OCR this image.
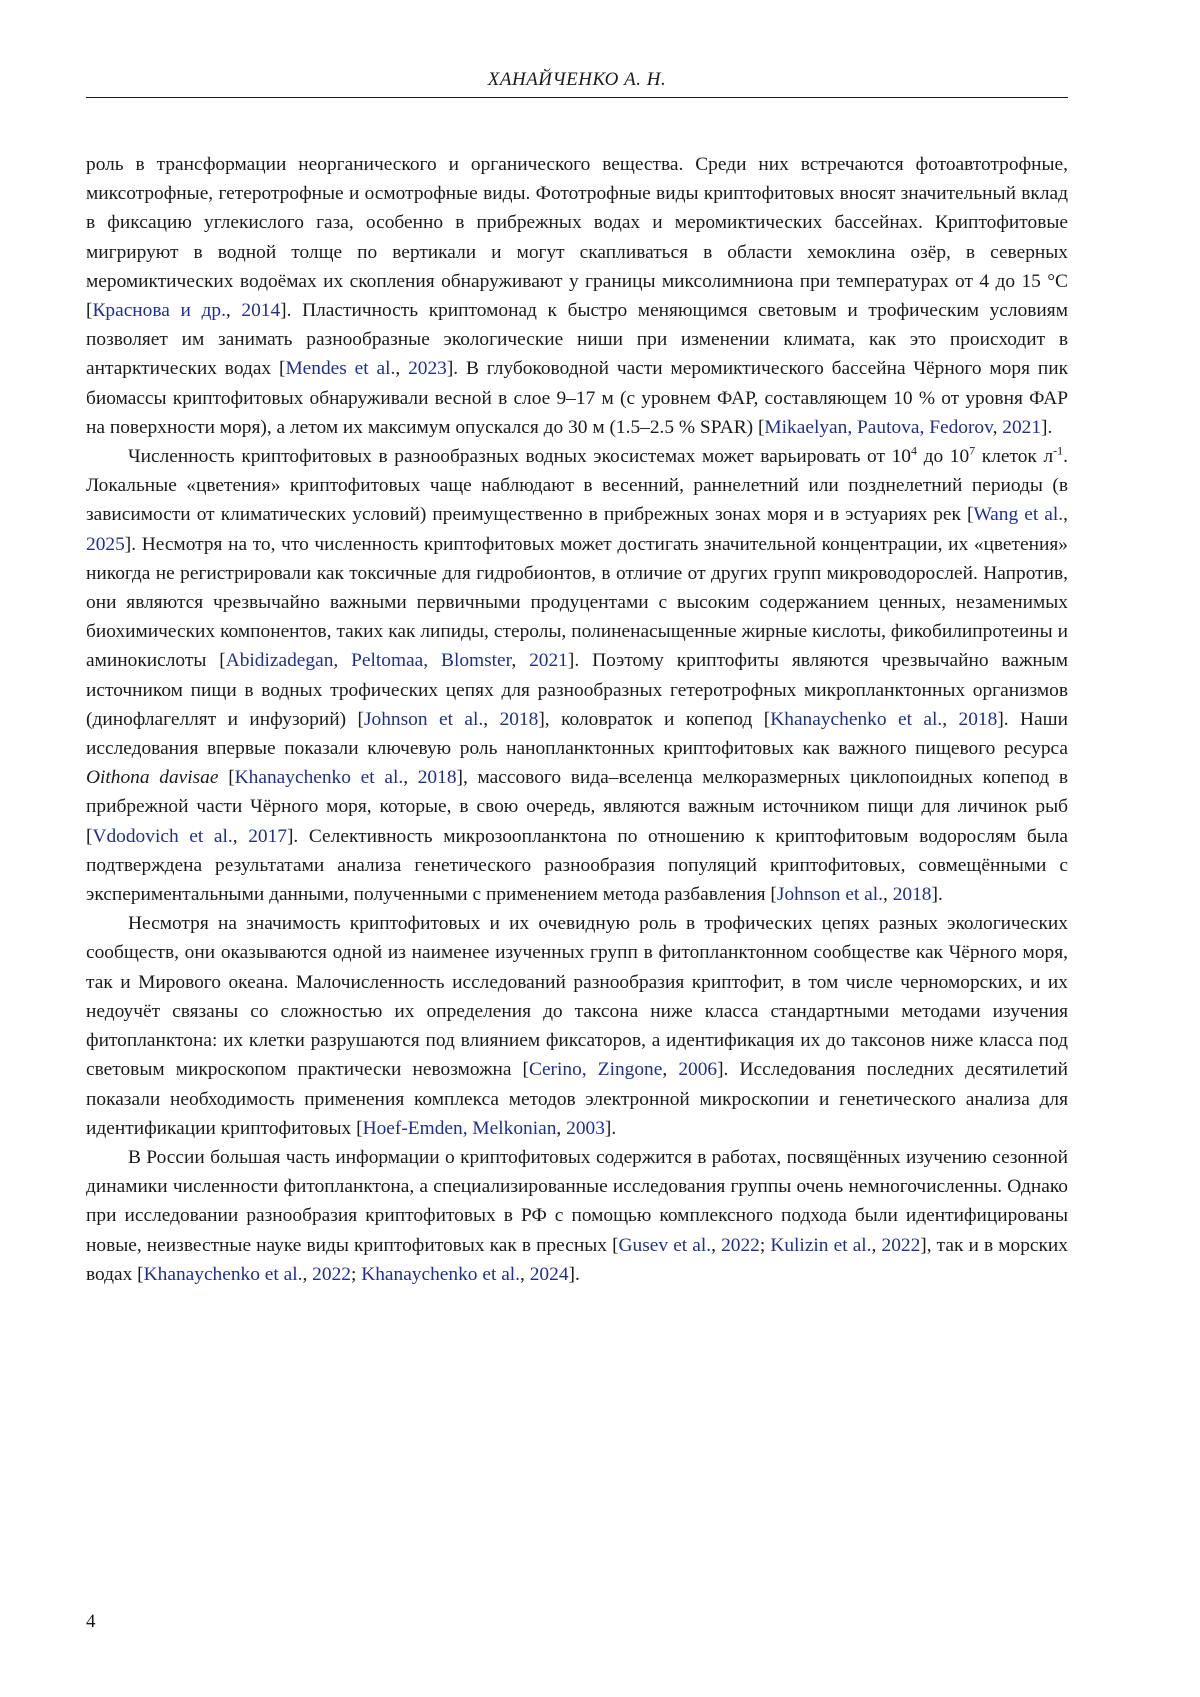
ХАНАЙЧЕНКО А. Н.

роль в трансформации неорганического и органического вещества. Среди них встречаются фотоавтотрофные, миксотрофные, гетеротрофные и осмотрофные виды. Фототрофные виды криптофитовых вносят значительный вклад в фиксацию углекислого газа, особенно в прибрежных водах и меромиктических бассейнах. Криптофитовые мигрируют в водной толще по вертикали и могут скапливаться в области хемоклина озёр, в северных меромиктических водоёмах их скопления обнаруживают у границы миксолимниона при температурах от 4 до 15 °C [Краснова и др., 2014]. Пластичность криптомонад к быстро меняющимся световым и трофическим условиям позволяет им занимать разнообразные экологические ниши при изменении климата, как это происходит в антарктических водах [Mendes et al., 2023]. В глубоководной части меромиктического бассейна Чёрного моря пик биомассы криптофитовых обнаруживали весной в слое 9–17 м (с уровнем ФАР, составляющем 10 % от уровня ФАР на поверхности моря), а летом их максимум опускался до 30 м (1.5–2.5 % SPAR) [Mikaelyan, Pautova, Fedorov, 2021].

Численность криптофитовых в разнообразных водных экосистемах может варьировать от $10^4$ до $10^7$ клеток $л^{-1}$. Локальные «цветения» криптофитовых чаще наблюдают в весенний, раннелетний или позднелетний периоды (в зависимости от климатических условий) преимущественно в прибрежных зонах моря и в эстуариях рек [Wang et al., 2025]. Несмотря на то, что численность криптофитовых может достигать значительной концентрации, их «цветения» никогда не регистрировали как токсичные для гидробионтов, в отличие от других групп микроводорослей. Напротив, они являются чрезвычайно важными первичными продуцентами с высоким содержанием ценных, незаменимых биохимических компонентов, таких как липиды, стеролы, полиненасыщенные жирные кислоты, фикобилипротеины и аминокислоты [Abidizadegan, Peltomaa, Blomster, 2021]. Поэтому криптофиты являются чрезвычайно важным источником пищи в водных трофических цепях для разнообразных гетеротрофных микропланктонных организмов (динофлагеллят и инфузорий) [Johnson et al., 2018], коловраток и копепод [Khanaychenko et al., 2018]. Наши исследования впервые показали ключевую роль нанопланктонных криптофитовых как важного пищевого ресурса Oithona davisae [Khanaychenko et al., 2018], массового вида–вселенца мелкоразмерных циклопоидных копепод в прибрежной части Чёрного моря, которые, в свою очередь, являются важным источником пищи для личинок рыб [Vdodovich et al., 2017]. Селективность микрозоопланктона по отношению к криптофитовым водорослям была подтверждена результатами анализа генетического разнообразия популяций криптофитовых, совмещёнными с экспериментальными данными, полученными с применением метода разбавления [Johnson et al., 2018].

Несмотря на значимость криптофитовых и их очевидную роль в трофических цепях разных экологических сообществ, они оказываются одной из наименее изученных групп в фитопланктонном сообществе как Чёрного моря, так и Мирового океана. Малочисленность исследований разнообразия криптофит, в том числе черноморских, и их недоучёт связаны со сложностью их определения до таксона ниже класса стандартными методами изучения фитопланктона: их клетки разрушаются под влиянием фиксаторов, а идентификация их до таксонов ниже класса под световым микроскопом практически невозможна [Cerino, Zingone, 2006]. Исследования последних десятилетий показали необходимость применения комплекса методов электронной микроскопии и генетического анализа для идентификации криптофитовых [Hoef-Emden, Melkonian, 2003].

В России большая часть информации о криптофитовых содержится в работах, посвящённых изучению сезонной динамики численности фитопланктона, а специализированные исследования группы очень немногочисленны. Однако при исследовании разнообразия криптофитовых в РФ с помощью комплексного подхода были идентифицированы новые, неизвестные науке виды криптофитовых как в пресных [Gusev et al., 2022; Kulizin et al., 2022], так и в морских водах [Khanaychenko et al., 2022; Khanaychenko et al., 2024].

4
